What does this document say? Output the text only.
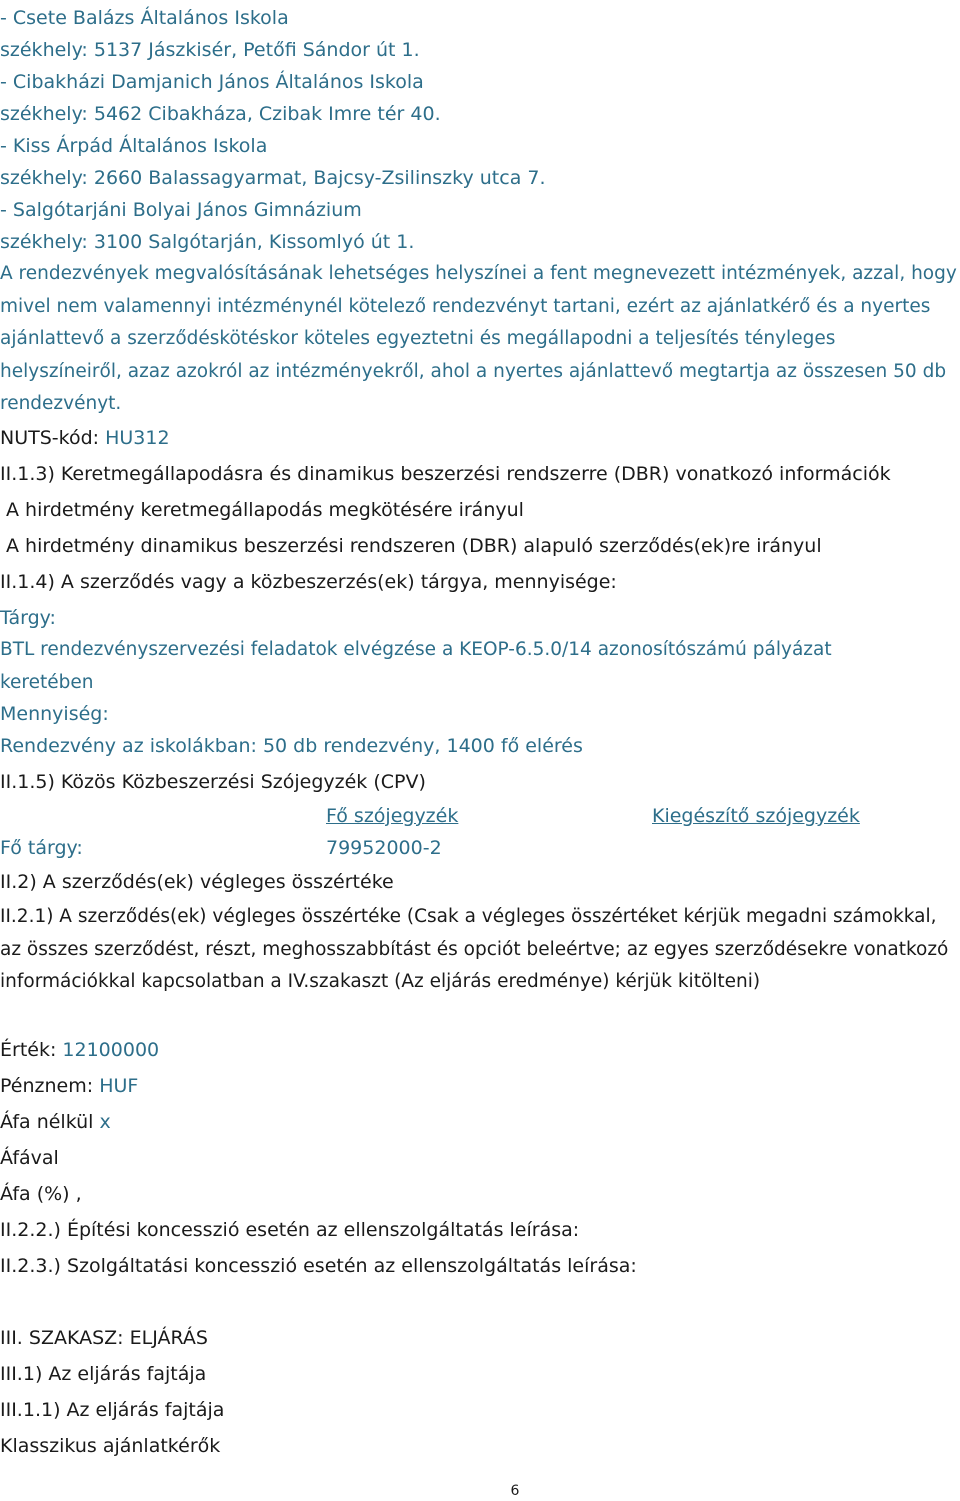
- Csete Balázs Általános Iskola
székhely: 5137 Jászkisér, Petőfi Sándor út 1.
- Cibakházi Damjanich János Általános Iskola
székhely: 5462 Cibakháza, Czibak Imre tér 40.
- Kiss Árpád Általános Iskola
székhely: 2660 Balassagyarmat, Bajcsy-Zsilinszky utca 7.
- Salgótarjáni Bolyai János Gimnázium
székhely: 3100 Salgótarján, Kissomlyó út 1.
A rendezvények megvalósításának lehetséges helyszínei a fent megnevezett intézmények, azzal, hogy mivel nem valamennyi intézménynél kötelező rendezvényt tartani, ezért az ajánlatkérő és a nyertes ajánlattevő a szerződéskötéskor köteles egyeztetni és megállapodni a teljesítés tényleges helyszíneiről, azaz azokról az intézményekről, ahol a nyertes ajánlattevő megtartja az összesen 50 db rendezvényt.
NUTS-kód: HU312
II.1.3) Keretmegállapodásra és dinamikus beszerzési rendszerre (DBR) vonatkozó információk
A hirdetmény keretmegállapodás megkötésére irányul
A hirdetmény dinamikus beszerzési rendszeren (DBR) alapuló szerződés(ek)re irányul
II.1.4) A szerződés vagy a közbeszerzés(ek) tárgya, mennyisége:
Tárgy:
BTL rendezvényszervezési feladatok elvégzése a KEOP-6.5.0/14 azonosítószámú pályázat keretében
Mennyiség:
Rendezvény az iskolákban: 50 db rendezvény, 1400 fő elérés
II.1.5) Közös Közbeszerzési Szójegyzék (CPV)
Fő szójegyzék	Kiegészítő szójegyzék
Fő tárgy:	79952000-2
II.2) A szerződés(ek) végleges összértéke
II.2.1) A szerződés(ek) végleges összértéke (Csak a végleges összértéket kérjük megadni számokkal, az összes szerződést, részt, meghosszabbítást és opciót beleértve; az egyes szerződésekre vonatkozó információkkal kapcsolatban a IV.szakaszt (Az eljárás eredménye) kérjük kitölteni)
Érték: 12100000
Pénznem: HUF
Áfa nélkül x
Áfával
Áfa (%) ,
II.2.2.) Építési koncesszió esetén az ellenszolgáltatás leírása:
II.2.3.) Szolgáltatási koncesszió esetén az ellenszolgáltatás leírása:
III. SZAKASZ: ELJÁRÁS
III.1) Az eljárás fajtája
III.1.1) Az eljárás fajtája
Klasszikus ajánlatkérők
6
